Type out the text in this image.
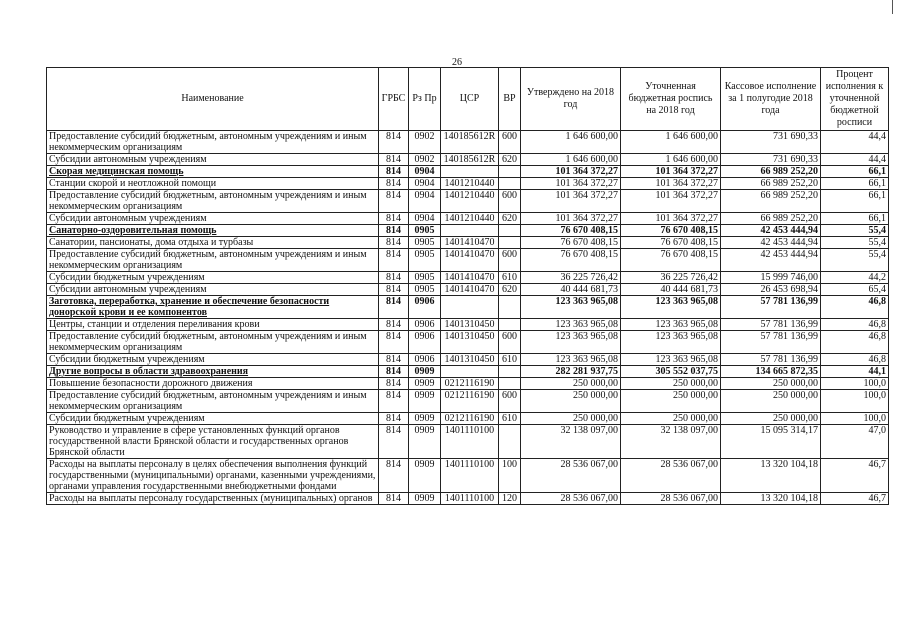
26
Наименование	ГРБС	Рз Пр	ЦСР	ВР	Утверждено на 2018 год	Уточненная бюджетная роспись на 2018 год	Кассовое исполнение за 1 полугодие 2018 года	Процент исполнения к уточненной бюджетной росписи
Предоставление субсидий бюджетным, автономным учреждениям и иным некоммерческим организациям	814	0902	140185612R	600	1 646 600,00	1 646 600,00	731 690,33	44,4
Субсидии автономным учреждениям	814	0902	140185612R	620	1 646 600,00	1 646 600,00	731 690,33	44,4
Скорая медицинская помощь	814	0904			101 364 372,27	101 364 372,27	66 989 252,20	66,1
Станции скорой и неотложной помощи	814	0904	1401210440		101 364 372,27	101 364 372,27	66 989 252,20	66,1
Предоставление субсидий бюджетным, автономным учреждениям и иным некоммерческим организациям	814	0904	1401210440	600	101 364 372,27	101 364 372,27	66 989 252,20	66,1
Субсидии автономным учреждениям	814	0904	1401210440	620	101 364 372,27	101 364 372,27	66 989 252,20	66,1
Санаторно-оздоровительная помощь	814	0905			76 670 408,15	76 670 408,15	42 453 444,94	55,4
Санатории, пансионаты, дома отдыха и турбазы	814	0905	1401410470		76 670 408,15	76 670 408,15	42 453 444,94	55,4
Предоставление субсидий бюджетным, автономным учреждениям и иным некоммерческим организациям	814	0905	1401410470	600	76 670 408,15	76 670 408,15	42 453 444,94	55,4
Субсидии бюджетным учреждениям	814	0905	1401410470	610	36 225 726,42	36 225 726,42	15 999 746,00	44,2
Субсидии автономным учреждениям	814	0905	1401410470	620	40 444 681,73	40 444 681,73	26 453 698,94	65,4
Заготовка, переработка, хранение и обеспечение безопасности донорской крови и ее компонентов	814	0906			123 363 965,08	123 363 965,08	57 781 136,99	46,8
Центры, станции и отделения переливания крови	814	0906	1401310450		123 363 965,08	123 363 965,08	57 781 136,99	46,8
Предоставление субсидий бюджетным, автономным учреждениям и иным некоммерческим организациям	814	0906	1401310450	600	123 363 965,08	123 363 965,08	57 781 136,99	46,8
Субсидии бюджетным учреждениям	814	0906	1401310450	610	123 363 965,08	123 363 965,08	57 781 136,99	46,8
Другие вопросы в области здравоохранения	814	0909			282 281 937,75	305 552 037,75	134 665 872,35	44,1
Повышение безопасности дорожного движения	814	0909	0212116190		250 000,00	250 000,00	250 000,00	100,0
Предоставление субсидий бюджетным, автономным учреждениям и иным некоммерческим организациям	814	0909	0212116190	600	250 000,00	250 000,00	250 000,00	100,0
Субсидии бюджетным учреждениям	814	0909	0212116190	610	250 000,00	250 000,00	250 000,00	100,0
Руководство и управление в сфере установленных функций органов государственной власти Брянской области и государственных органов Брянской области	814	0909	1401110100		32 138 097,00	32 138 097,00	15 095 314,17	47,0
Расходы на выплаты персоналу в целях обеспечения выполнения функций государственными (муниципальными) органами, казенными учреждениями, органами управления государственными внебюджетными фондами	814	0909	1401110100	100	28 536 067,00	28 536 067,00	13 320 104,18	46,7
Расходы на выплаты персоналу государственных (муниципальных) органов	814	0909	1401110100	120	28 536 067,00	28 536 067,00	13 320 104,18	46,7
